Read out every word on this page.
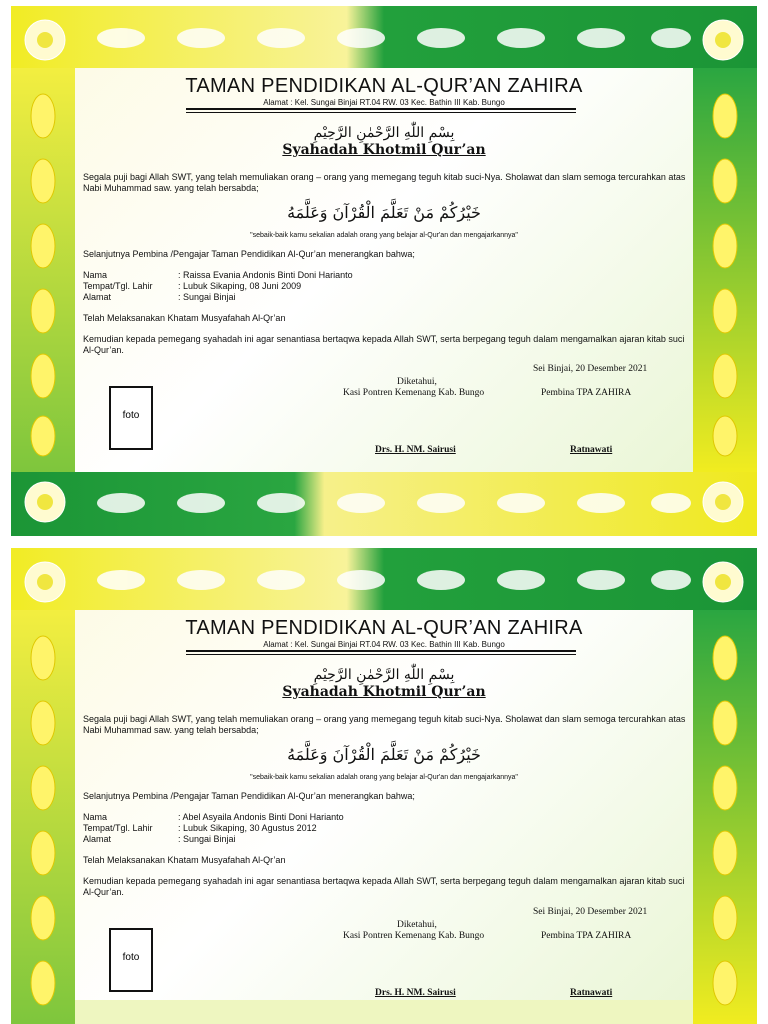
TAMAN PENDIDIKAN AL-QUR’AN ZAHIRA
Alamat : Kel. Sungai Binjai RT.04 RW. 03 Kec. Bathin III Kab. Bungo
بِسْمِ اللّٰهِ الرَّحْمٰنِ الرَّحِيْمِ
Syahadah Khotmil Qur’an
Segala puji bagi Allah SWT, yang telah memuliakan orang – orang yang memegang teguh kitab suci-Nya. Sholawat dan slam semoga tercurahkan atas Nabi Muhammad saw. yang telah bersabda;
خَيْرُكُمْ مَنْ تَعَلَّمَ الْقُرْآنَ وَعَلَّمَهُ
"sebaik-baik kamu sekalian adalah orang yang belajar al-Qur'an dan mengajarkannya"
Selanjutnya Pembina /Pengajar Taman Pendidikan Al-Qur’an menerangkan bahwa;
Nama	: Raissa Evania Andonis Binti Doni Harianto
Tempat/Tgl. Lahir	: Lubuk Sikaping, 08 Juni 2009
Alamat	: Sungai Binjai
Telah Melaksanakan Khatam Musyafahah Al-Qr’an
Kemudian kepada pemegang syahadah ini agar senantiasa bertaqwa kepada Allah SWT, serta berpegang teguh dalam mengamalkan ajaran kitab suci Al-Qur’an.
Sei Binjai, 20 Desember 2021
Diketahui,
Kasi Pontren Kemenang Kab. Bungo	Pembina TPA ZAHIRA
foto
Drs. H. NM. Sairusi	Ratnawati
TAMAN PENDIDIKAN AL-QUR’AN ZAHIRA
Alamat : Kel. Sungai Binjai RT.04 RW. 03 Kec. Bathin III Kab. Bungo
بِسْمِ اللّٰهِ الرَّحْمٰنِ الرَّحِيْمِ
Syahadah Khotmil Qur’an
Segala puji bagi Allah SWT, yang telah memuliakan orang – orang yang memegang teguh kitab suci-Nya. Sholawat dan slam semoga tercurahkan atas Nabi Muhammad saw. yang telah bersabda;
خَيْرُكُمْ مَنْ تَعَلَّمَ الْقُرْآنَ وَعَلَّمَهُ
"sebaik-baik kamu sekalian adalah orang yang belajar al-Qur'an dan mengajarkannya"
Selanjutnya Pembina /Pengajar Taman Pendidikan Al-Qur’an menerangkan bahwa;
Nama	: Abel Asyaila Andonis Binti Doni Harianto
Tempat/Tgl. Lahir	: Lubuk Sikaping, 30 Agustus 2012
Alamat	: Sungai Binjai
Telah Melaksanakan Khatam Musyafahah Al-Qr’an
Kemudian kepada pemegang syahadah ini agar senantiasa bertaqwa kepada Allah SWT, serta berpegang teguh dalam mengamalkan ajaran kitab suci Al-Qur’an.
Sei Binjai, 20 Desember 2021
Diketahui,
Kasi Pontren Kemenang Kab. Bungo	Pembina TPA ZAHIRA
foto
Drs. H. NM. Sairusi	Ratnawati
